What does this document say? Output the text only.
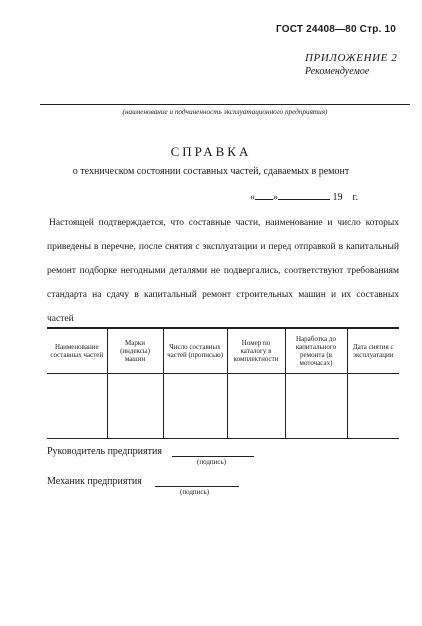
ГОСТ 24408—80 Стр. 10
ПРИЛОЖЕНИЕ 2
Рекомендуемое
(наименование и подчиненность эксплуатационного предприятия)
СПРАВКА
о техническом состоянии составных частей, сдаваемых в ремонт
« »	19 г.
Настоящей подтверждается, что составные части, наименование и число которых приведены в перечне, после снятия с эксплуатации и перед отправкой в капитальный ремонт подборке негодными деталями не подвергались, соответствуют требованиям стандарта на сдачу в капитальный ремонт строительных машин и их составных частей
Наименование составных частей	Марки (индексы) машин	Число составных частей (прописью)	Номер по каталогу в комплектности	Наработка до капитального ремонта (в моточасах)	Дата снятия с эксплуатации

Руководитель предприятия
(подпись)
Механик предприятия
(подпись)
